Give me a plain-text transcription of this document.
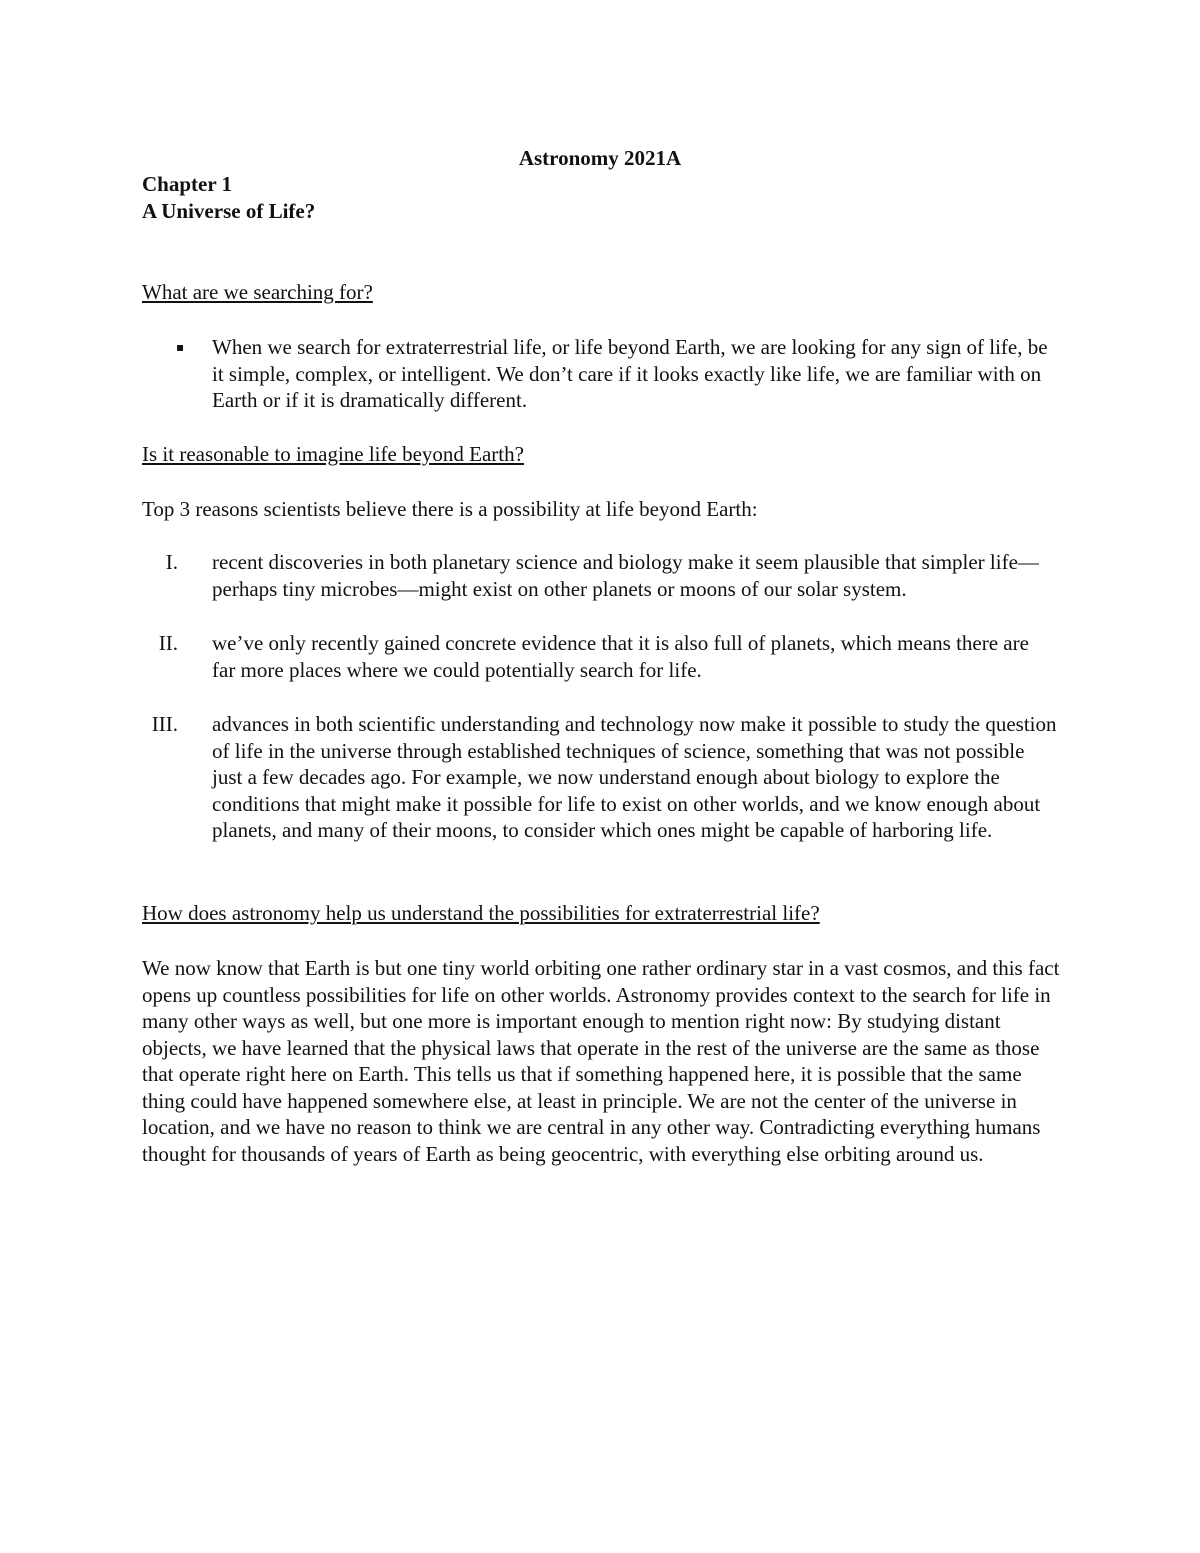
Astronomy 2021A
Chapter 1
A Universe of Life?
What are we searching for?
▪ When we search for extraterrestrial life, or life beyond Earth, we are looking for any sign of life, be it simple, complex, or intelligent. We don’t care if it looks exactly like life, we are familiar with on Earth or if it is dramatically different.
Is it reasonable to imagine life beyond Earth?
Top 3 reasons scientists believe there is a possibility at life beyond Earth:
I. recent discoveries in both planetary science and biology make it seem plausible that simpler life—perhaps tiny microbes—might exist on other planets or moons of our solar system.
II. we’ve only recently gained concrete evidence that it is also full of planets, which means there are far more places where we could potentially search for life.
III. advances in both scientific understanding and technology now make it possible to study the question of life in the universe through established techniques of science, something that was not possible just a few decades ago. For example, we now understand enough about biology to explore the conditions that might make it possible for life to exist on other worlds, and we know enough about planets, and many of their moons, to consider which ones might be capable of harboring life.
How does astronomy help us understand the possibilities for extraterrestrial life?
We now know that Earth is but one tiny world orbiting one rather ordinary star in a vast cosmos, and this fact opens up countless possibilities for life on other worlds. Astronomy provides context to the search for life in many other ways as well, but one more is important enough to mention right now: By studying distant objects, we have learned that the physical laws that operate in the rest of the universe are the same as those that operate right here on Earth. This tells us that if something happened here, it is possible that the same thing could have happened somewhere else, at least in principle. We are not the center of the universe in location, and we have no reason to think we are central in any other way. Contradicting everything humans thought for thousands of years of Earth as being geocentric, with everything else orbiting around us.
